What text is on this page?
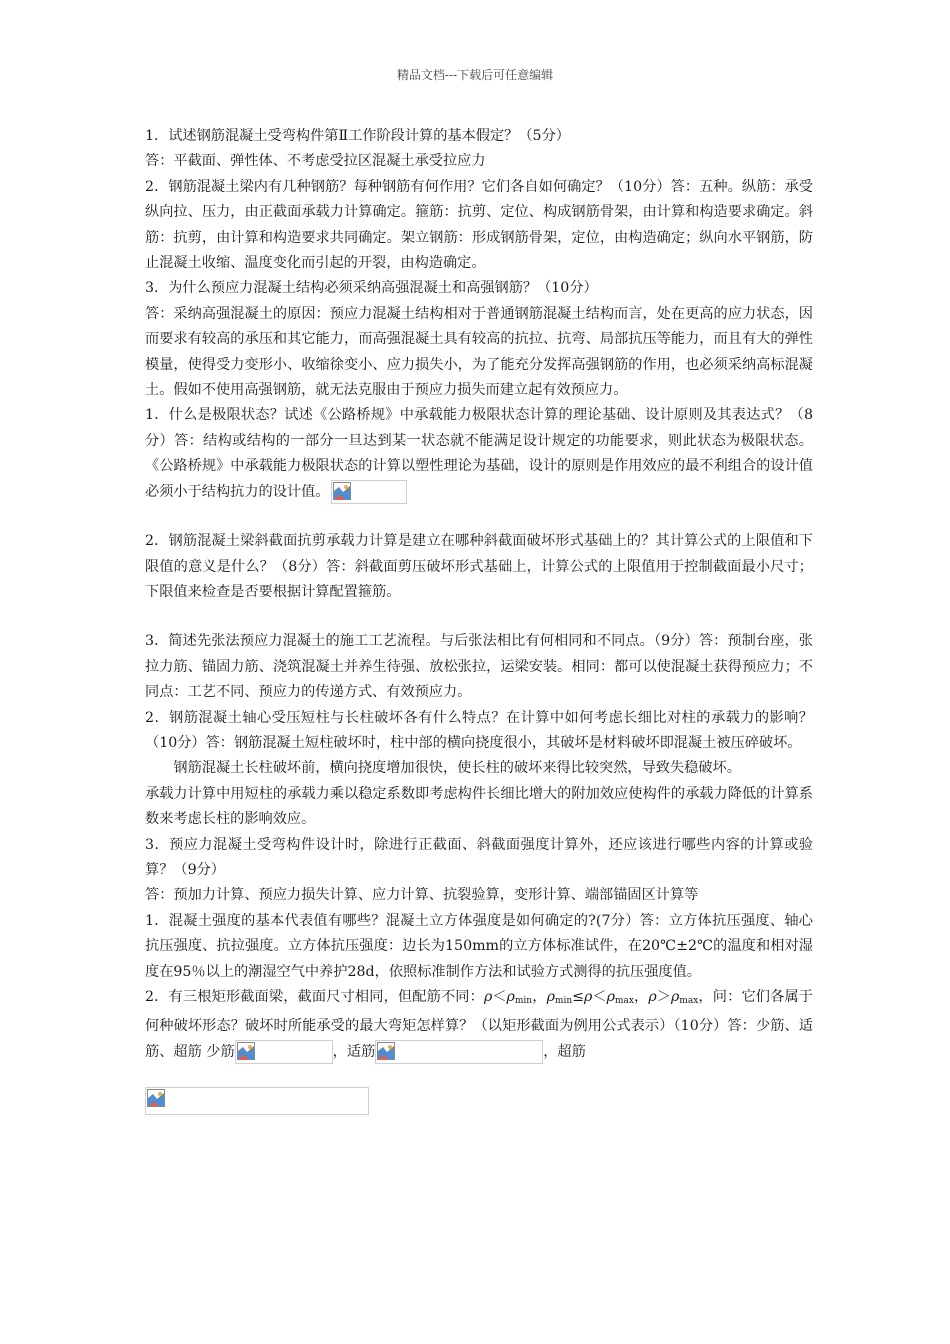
精品文档---下载后可任意编辑

1．试述钢筋混凝土受弯构件第Ⅱ工作阶段计算的基本假定？（5分）

答：平截面、弹性体、不考虑受拉区混凝土承受拉应力

2．钢筋混凝土梁内有几种钢筋？每种钢筋有何作用？它们各自如何确定？（10分）答：五种。纵筋：承受纵向拉、压力，由正截面承载力计算确定。箍筋：抗剪、定位、构成钢筋骨架，由计算和构造要求确定。斜筋：抗剪，由计算和构造要求共同确定。架立钢筋：形成钢筋骨架，定位，由构造确定；纵向水平钢筋，防止混凝土收缩、温度变化而引起的开裂，由构造确定。

3．为什么预应力混凝土结构必须采纳高强混凝土和高强钢筋？（10分）

答：采纳高强混凝土的原因：预应力混凝土结构相对于普通钢筋混凝土结构而言，处在更高的应力状态，因而要求有较高的承压和其它能力，而高强混凝土具有较高的抗拉、抗弯、局部抗压等能力，而且有大的弹性模量，使得受力变形小、收缩徐变小、应力损失小，为了能充分发挥高强钢筋的作用，也必须采纳高标混凝土。假如不使用高强钢筋，就无法克服由于预应力损失而建立起有效预应力。

1．什么是极限状态？试述《公路桥规》中承载能力极限状态计算的理论基础、设计原则及其表达式？（8分）答：结构或结构的一部分一旦达到某一状态就不能满足设计规定的功能要求，则此状态为极限状态。《公路桥规》中承载能力极限状态的计算以塑性理论为基础，设计的原则是作用效应的最不利组合的设计值必须小于结构抗力的设计值。

2．钢筋混凝土梁斜截面抗剪承载力计算是建立在哪种斜截面破坏形式基础上的？其计算公式的上限值和下限值的意义是什么？（8分）答：斜截面剪压破坏形式基础上，计算公式的上限值用于控制截面最小尺寸；下限值来检查是否要根据计算配置箍筋。

3．简述先张法预应力混凝土的施工工艺流程。与后张法相比有何相同和不同点。（9分）答：预制台座，张拉力筋、锚固力筋、浇筑混凝土并养生待强、放松张拉，运梁安装。相同：都可以使混凝土获得预应力；不同点：工艺不同、预应力的传递方式、有效预应力。

2．钢筋混凝土轴心受压短柱与长柱破坏各有什么特点？在计算中如何考虑长细比对柱的承载力的影响？（10分）答：钢筋混凝土短柱破坏时，柱中部的横向挠度很小，其破坏是材料破坏即混凝土被压碎破坏。

钢筋混凝土长柱破坏前，横向挠度增加很快，使长柱的破坏来得比较突然，导致失稳破坏。

承载力计算中用短柱的承载力乘以稳定系数即考虑构件长细比增大的附加效应使构件的承载力降低的计算系数来考虑长柱的影响效应。

3．预应力混凝土受弯构件设计时，除进行正截面、斜截面强度计算外，还应该进行哪些内容的计算或验算？（9分）

答：预加力计算、预应力损失计算、应力计算、抗裂验算，变形计算、端部锚固区计算等

1．混凝土强度的基本代表值有哪些？混凝土立方体强度是如何确定的?(7分）答：立方体抗压强度、轴心抗压强度、抗拉强度。立方体抗压强度：边长为150mm的立方体标准试件，在20℃±2℃的温度和相对湿度在95％以上的潮湿空气中养护28d，依照标准制作方法和试验方式测得的抗压强度值。

2．有三根矩形截面梁，截面尺寸相同，但配筋不同：$\rho<\rho_{min}$，$\rho_{min}\le\rho<\rho_{max}$，$\rho>\rho_{max}$，问：它们各属于何种破坏形态？破坏时所能承受的最大弯矩怎样算？（以矩形截面为例用公式表示）（10分）答：少筋、适筋、超筋 少筋	，适筋	，超筋
